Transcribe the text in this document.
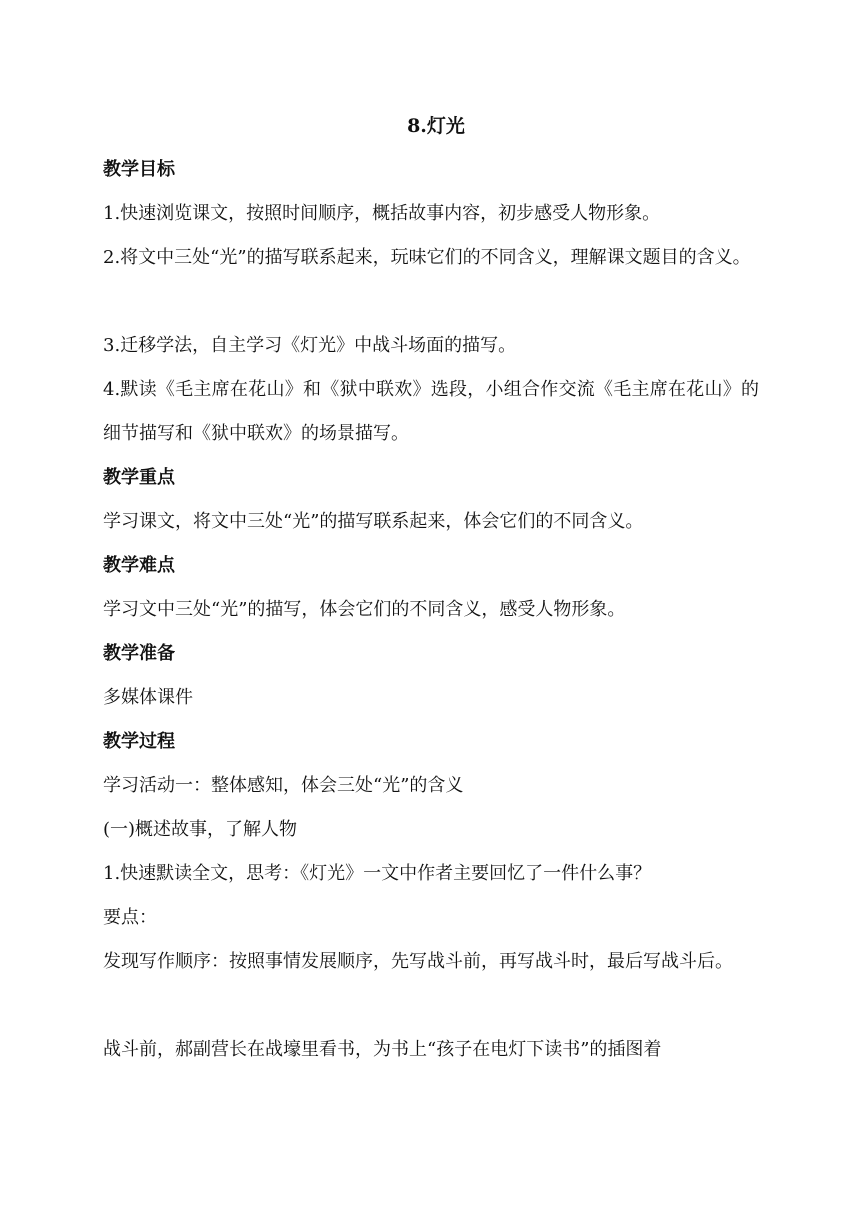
8.灯光
教学目标

1.快速浏览课文，按照时间顺序，概括故事内容，初步感受人物形象。

2.将文中三处“光”的描写联系起来，玩味它们的不同含义，理解课文题目的含义。

3.迁移学法，自主学习《灯光》中战斗场面的描写。

4.默读《毛主席在花山》和《狱中联欢》选段，小组合作交流《毛主席在花山》的细节描写和《狱中联欢》的场景描写。

教学重点

学习课文，将文中三处“光”的描写联系起来，体会它们的不同含义。

教学难点

学习文中三处“光”的描写，体会它们的不同含义，感受人物形象。

教学准备

多媒体课件

教学过程

学习活动一：整体感知，体会三处“光”的含义

(一)概述故事，了解人物

1.快速默读全文，思考：《灯光》一文中作者主要回忆了一件什么事？

要点：

发现写作顺序：按照事情发展顺序，先写战斗前，再写战斗时，最后写战斗后。

战斗前，郝副营长在战壕里看书，为书上“孩子在电灯下读书”的插图着
